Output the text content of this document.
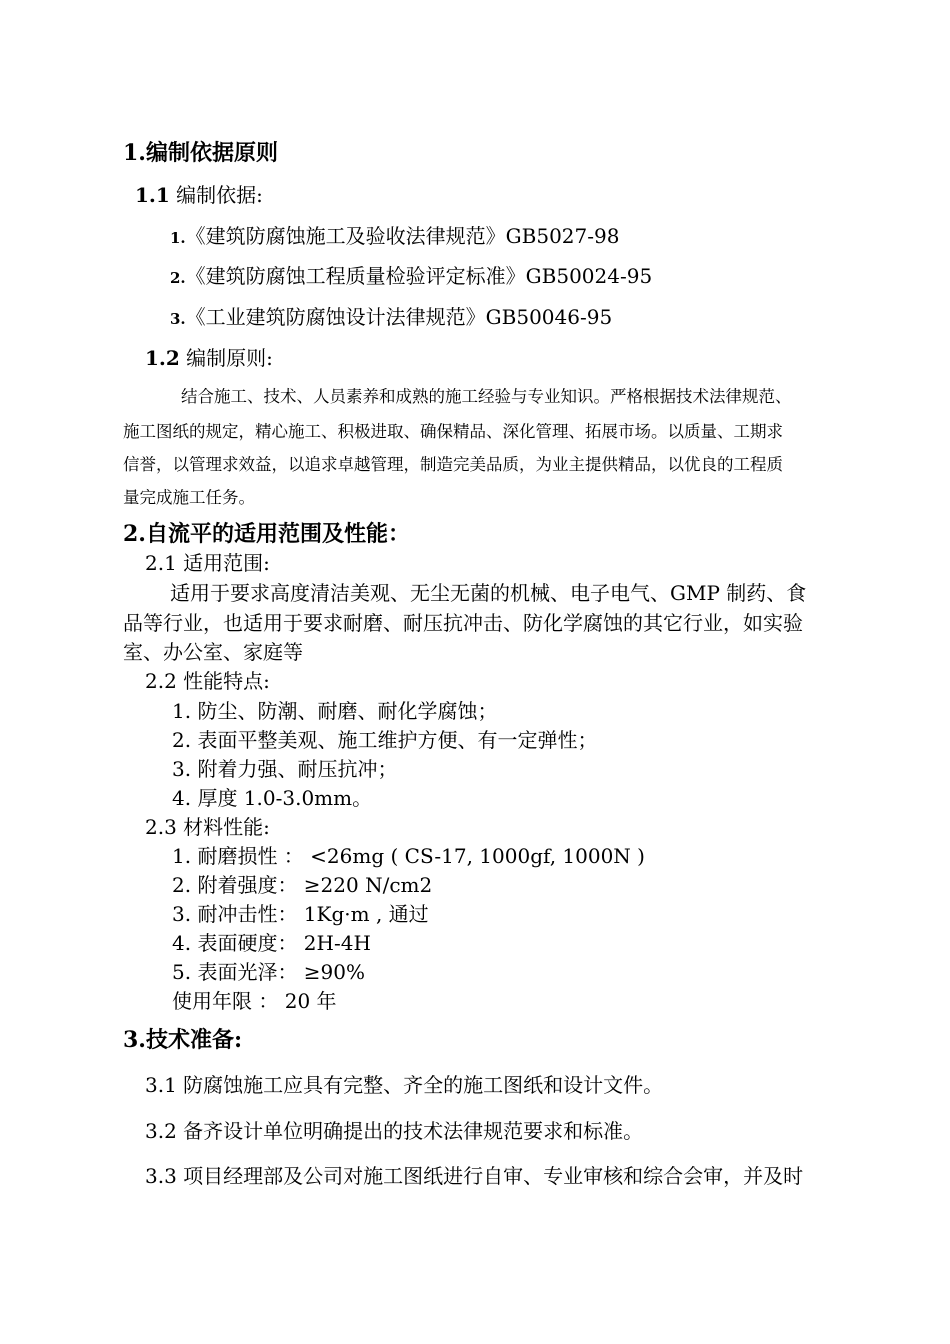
1.编制依据原则
1.1 编制依据:
1.《建筑防腐蚀施工及验收法律规范》GB5027-98
2.《建筑防腐蚀工程质量检验评定标准》GB50024-95
3.《工业建筑防腐蚀设计法律规范》GB50046-95
1.2 编制原则:
结合施工、技术、人员素养和成熟的施工经验与专业知识。严格根据技术法律规范、
施工图纸的规定，精心施工、积极进取、确保精品、深化管理、拓展市场。以质量、工期求
信誉，以管理求效益，以追求卓越管理，制造完美品质，为业主提供精品，以优良的工程质
量完成施工任务。
2.自流平的适用范围及性能：
2.1 适用范围:
适用于要求高度清洁美观、无尘无菌的机械、电子电气、GMP 制药、食
品等行业，也适用于要求耐磨、耐压抗冲击、防化学腐蚀的其它行业，如实验
室、办公室、家庭等
2.2 性能特点:
1. 防尘、防潮、耐磨、耐化学腐蚀；
2. 表面平整美观、施工维护方便、有一定弹性；
3. 附着力强、耐压抗冲；
4. 厚度 1.0-3.0mm。
2.3 材料性能:
1. 耐磨损性 ： <26mg ( CS-17, 1000gf, 1000N )
2. 附着强度： ≥220 N/cm2
3. 耐冲击性： 1Kg·m , 通过
4. 表面硬度： 2H-4H
5. 表面光泽： ≥90%
使用年限 ： 20 年
3.技术准备:
3.1 防腐蚀施工应具有完整、齐全的施工图纸和设计文件。
3.2 备齐设计单位明确提出的技术法律规范要求和标准。
3.3 项目经理部及公司对施工图纸进行自审、专业审核和综合会审，并及时
